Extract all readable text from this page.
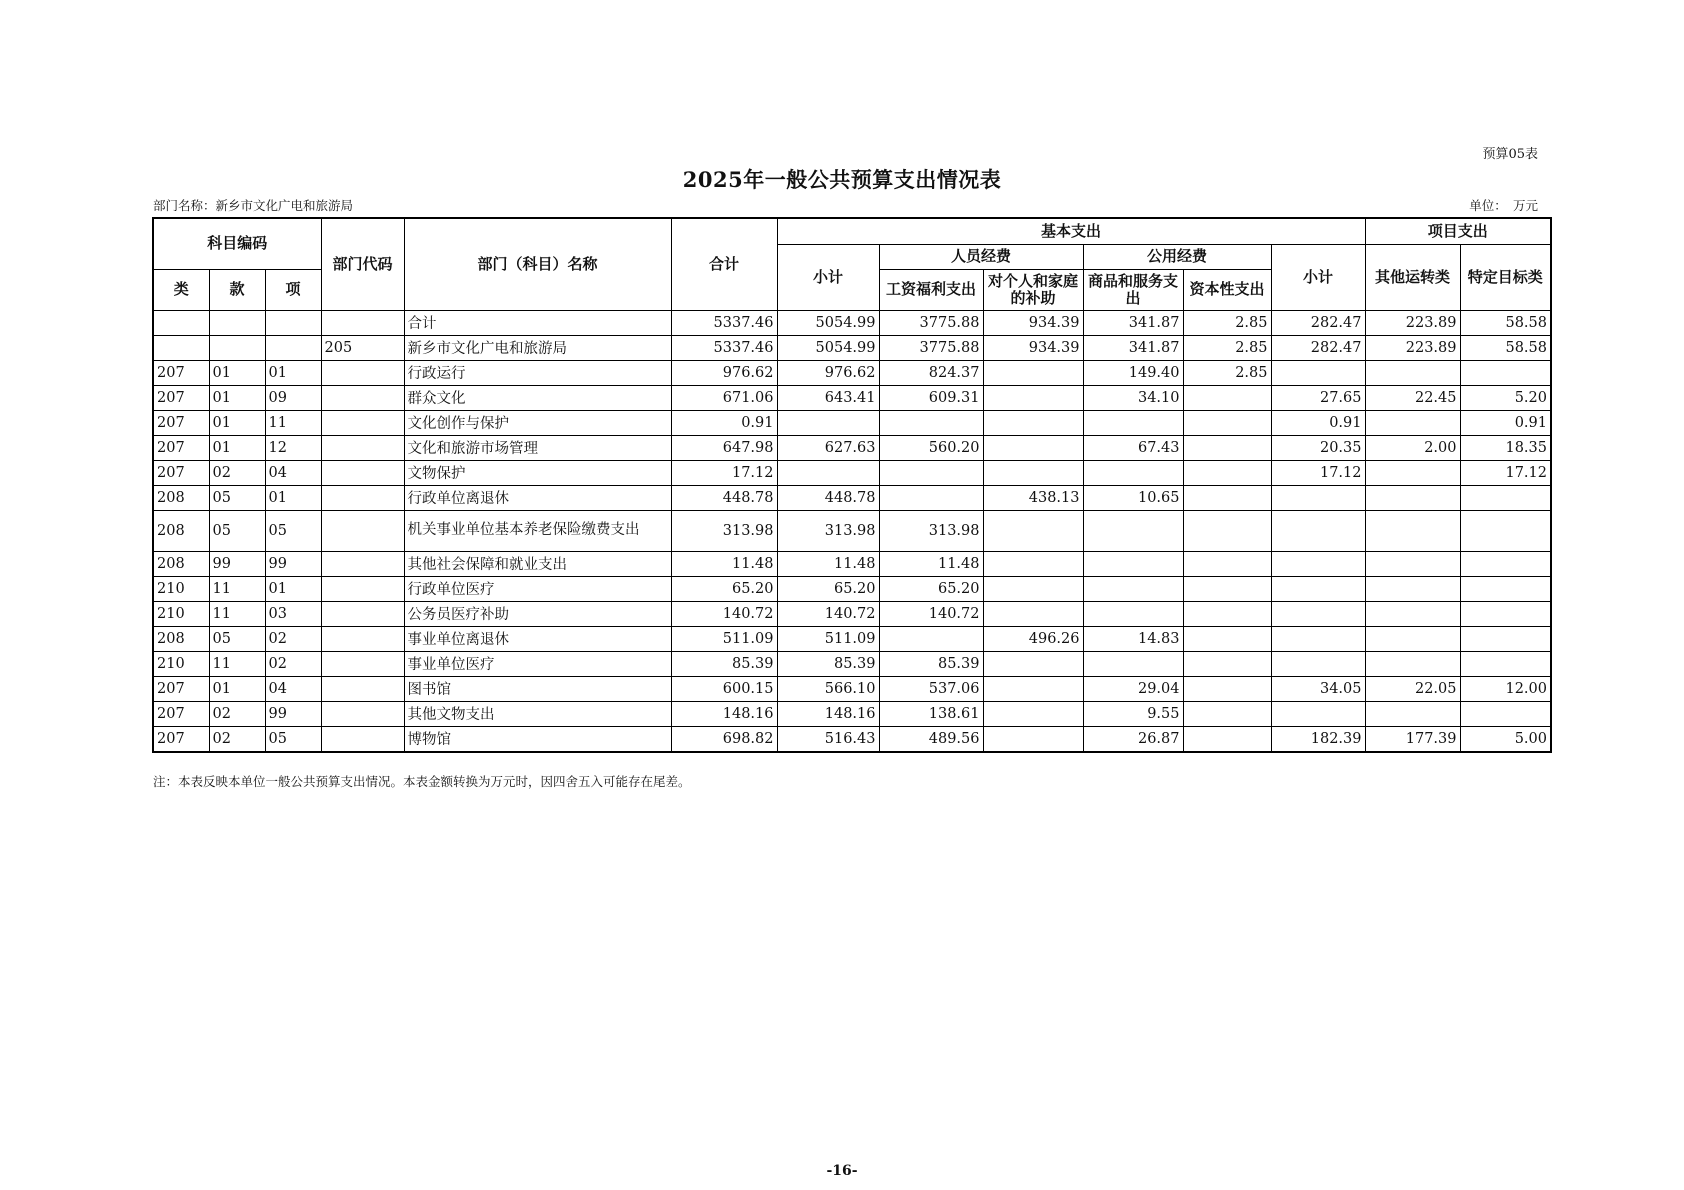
预算05表
2025年一般公共预算支出情况表
部门名称：新乡市文化广电和旅游局	单位：　万元
科目编码			部门代码	部门（科目）名称	合计	基本支出						项目支出	
						小计	人员经费		公用经费		小计	其他运转类	特定目标类
类	款	项					工资福利支出	对个人和家庭的补助	商品和服务支出	资本性支出			
				合计	5337.46	5054.99	3775.88	934.39	341.87	2.85	282.47	223.89	58.58
			205	新乡市文化广电和旅游局	5337.46	5054.99	3775.88	934.39	341.87	2.85	282.47	223.89	58.58
207	01	01		行政运行	976.62	976.62	824.37		149.40	2.85			
207	01	09		群众文化	671.06	643.41	609.31		34.10		27.65	22.45	5.20
207	01	11		文化创作与保护	0.91						0.91		0.91
207	01	12		文化和旅游市场管理	647.98	627.63	560.20		67.43		20.35	2.00	18.35
207	02	04		文物保护	17.12						17.12		17.12
208	05	01		行政单位离退休	448.78	448.78		438.13	10.65				
208	05	05		机关事业单位基本养老保险缴费支出	313.98	313.98	313.98						
208	99	99		其他社会保障和就业支出	11.48	11.48	11.48						
210	11	01		行政单位医疗	65.20	65.20	65.20						
210	11	03		公务员医疗补助	140.72	140.72	140.72						
208	05	02		事业单位离退休	511.09	511.09		496.26	14.83				
210	11	02		事业单位医疗	85.39	85.39	85.39						
207	01	04		图书馆	600.15	566.10	537.06		29.04		34.05	22.05	12.00
207	02	99		其他文物支出	148.16	148.16	138.61		9.55				
207	02	05		博物馆	698.82	516.43	489.56		26.87		182.39	177.39	5.00
注：本表反映本单位一般公共预算支出情况。本表金额转换为万元时，因四舍五入可能存在尾差。
-16-
